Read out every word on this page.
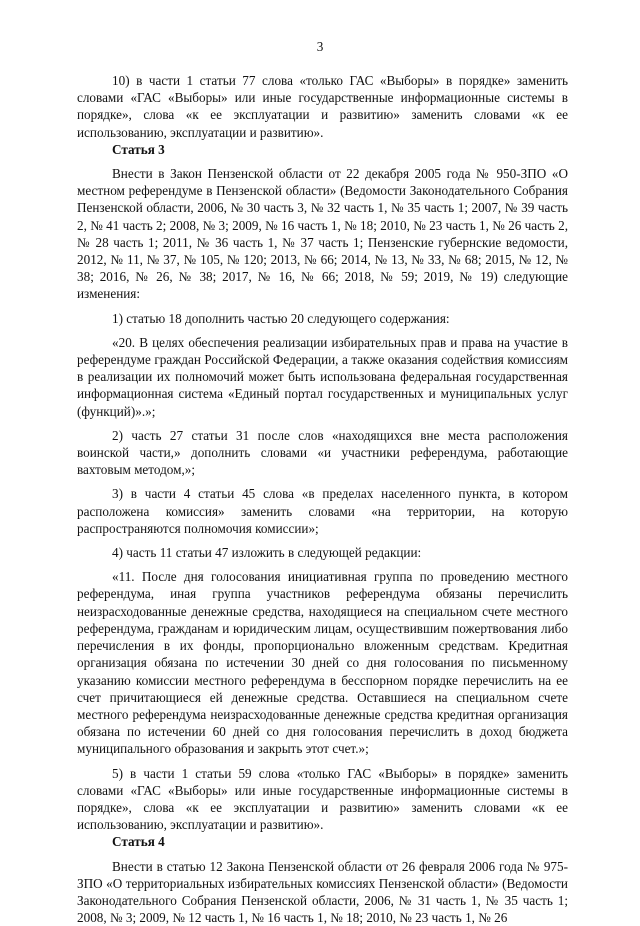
3

10) в части 1 статьи 77 слова «только ГАС «Выборы» в порядке» заменить словами «ГАС «Выборы» или иные государственные информационные системы в порядке», слова «к ее эксплуатации и развитию» заменить словами «к ее использованию, эксплуатации и развитию».

Статья 3

Внести в Закон Пензенской области от 22 декабря 2005 года № 950-ЗПО «О местном референдуме в Пензенской области» (Ведомости Законодательного Собрания Пензенской области, 2006, № 30 часть 3, № 32 часть 1, № 35 часть 1; 2007, № 39 часть 2, № 41 часть 2; 2008, № 3; 2009, № 16 часть 1, № 18; 2010, № 23 часть 1, № 26 часть 2, № 28 часть 1; 2011, № 36 часть 1, № 37 часть 1; Пензенские губернские ведомости, 2012, № 11, № 37, № 105, № 120; 2013, № 66; 2014, № 13, № 33, № 68; 2015, № 12, № 38; 2016, № 26, № 38; 2017, № 16, № 66; 2018, № 59; 2019, № 19) следующие изменения:

1) статью 18 дополнить частью 20 следующего содержания:

«20. В целях обеспечения реализации избирательных прав и права на участие в референдуме граждан Российской Федерации, а также оказания содействия комиссиям в реализации их полномочий может быть использована федеральная государственная информационная система «Единый портал государственных и муниципальных услуг (функций)».»;

2) часть 27 статьи 31 после слов «находящихся вне места расположения воинской части,» дополнить словами «и участники референдума, работающие вахтовым методом,»;

3) в части 4 статьи 45 слова «в пределах населенного пункта, в котором расположена комиссия» заменить словами «на территории, на которую распространяются полномочия комиссии»;

4) часть 11 статьи 47 изложить в следующей редакции:

«11. После дня голосования инициативная группа по проведению местного референдума, иная группа участников референдума обязаны перечислить неизрасходованные денежные средства, находящиеся на специальном счете местного референдума, гражданам и юридическим лицам, осуществившим пожертвования либо перечисления в их фонды, пропорционально вложенным средствам. Кредитная организация обязана по истечении 30 дней со дня голосования по письменному указанию комиссии местного референдума в бесспорном порядке перечислить на ее счет причитающиеся ей денежные средства. Оставшиеся на специальном счете местного референдума неизрасходованные денежные средства кредитная организация обязана по истечении 60 дней со дня голосования перечислить в доход бюджета муниципального образования и закрыть этот счет.»;

5) в части 1 статьи 59 слова «только ГАС «Выборы» в порядке» заменить словами «ГАС «Выборы» или иные государственные информационные системы в порядке», слова «к ее эксплуатации и развитию» заменить словами «к ее использованию, эксплуатации и развитию».

Статья 4

Внести в статью 12 Закона Пензенской области от 26 февраля 2006 года № 975-ЗПО «О территориальных избирательных комиссиях Пензенской области» (Ведомости Законодательного Собрания Пензенской области, 2006, № 31 часть 1, № 35 часть 1; 2008, № 3; 2009, № 12 часть 1, № 16 часть 1, № 18; 2010, № 23 часть 1, № 26
